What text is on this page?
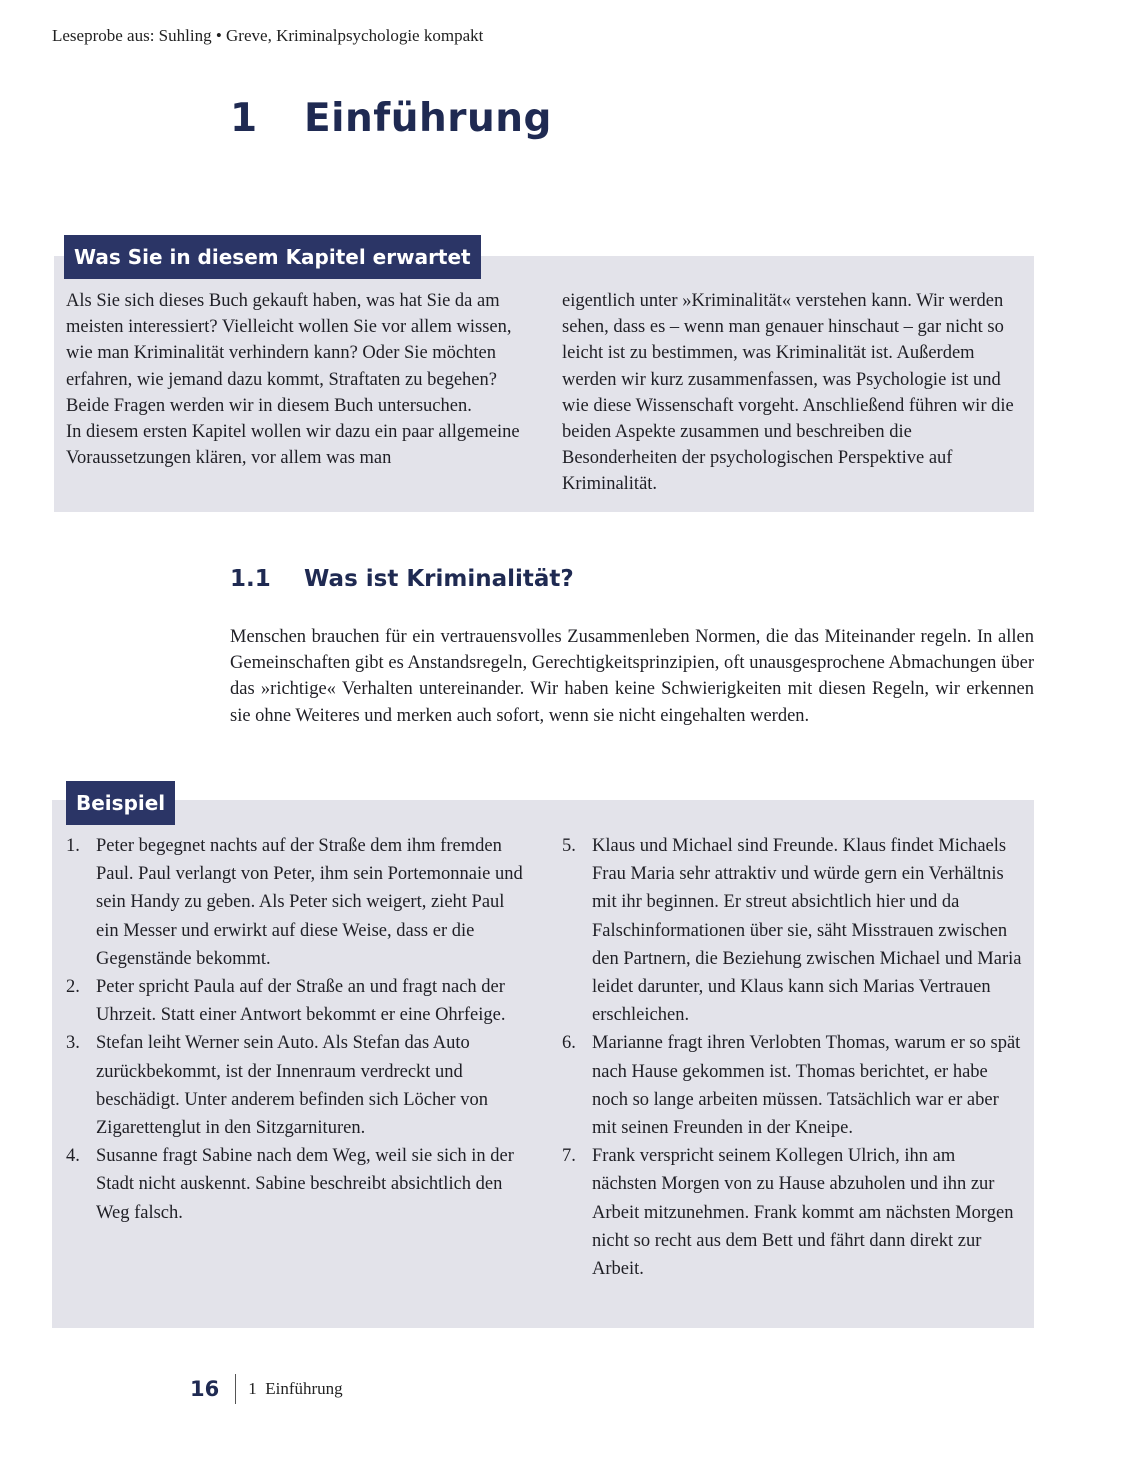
Leseprobe aus: Suhling • Greve, Kriminalpsychologie kompakt
1 Einführung
Was Sie in diesem Kapitel erwartet

Als Sie sich dieses Buch gekauft haben, was hat Sie da am meisten interessiert? Vielleicht wollen Sie vor allem wissen, wie man Kriminalität verhindern kann? Oder Sie möchten erfahren, wie jemand dazu kommt, Straftaten zu begehen? Beide Fragen werden wir in diesem Buch untersuchen.

In diesem ersten Kapitel wollen wir dazu ein paar allgemeine Voraussetzungen klären, vor allem was man

eigentlich unter »Kriminalität« verstehen kann. Wir werden sehen, dass es – wenn man genauer hinschaut – gar nicht so leicht ist zu bestimmen, was Kriminalität ist. Außerdem werden wir kurz zusammenfassen, was Psychologie ist und wie diese Wissenschaft vorgeht. Anschließend führen wir die beiden Aspekte zusammen und beschreiben die Besonderheiten der psychologischen Perspektive auf Kriminalität.

1.1 Was ist Kriminalität?

Menschen brauchen für ein vertrauensvolles Zusammenleben Normen, die das Miteinander regeln. In allen Gemeinschaften gibt es Anstandsregeln, Gerechtigkeitsprinzipien, oft unausgesprochene Abmachungen über das »richtige« Verhalten untereinander. Wir haben keine Schwierigkeiten mit diesen Regeln, wir erkennen sie ohne Weiteres und merken auch sofort, wenn sie nicht eingehalten werden.

Beispiel
1. Peter begegnet nachts auf der Straße dem ihm fremden Paul. Paul verlangt von Peter, ihm sein Portemonnaie und sein Handy zu geben. Als Peter sich weigert, zieht Paul ein Messer und erwirkt auf diese Weise, dass er die Gegenstände bekommt.
2. Peter spricht Paula auf der Straße an und fragt nach der Uhrzeit. Statt einer Antwort bekommt er eine Ohrfeige.
3. Stefan leiht Werner sein Auto. Als Stefan das Auto zurückbekommt, ist der Innenraum verdreckt und beschädigt. Unter anderem befinden sich Löcher von Zigarettenglut in den Sitzgarnituren.
4. Susanne fragt Sabine nach dem Weg, weil sie sich in der Stadt nicht auskennt. Sabine beschreibt absichtlich den Weg falsch.
5. Klaus und Michael sind Freunde. Klaus findet Michaels Frau Maria sehr attraktiv und würde gern ein Verhältnis mit ihr beginnen. Er streut absichtlich hier und da Falschinformationen über sie, säht Misstrauen zwischen den Partnern, die Beziehung zwischen Michael und Maria leidet darunter, und Klaus kann sich Marias Vertrauen erschleichen.
6. Marianne fragt ihren Verlobten Thomas, warum er so spät nach Hause gekommen ist. Thomas berichtet, er habe noch so lange arbeiten müssen. Tatsächlich war er aber mit seinen Freunden in der Kneipe.
7. Frank verspricht seinem Kollegen Ulrich, ihn am nächsten Morgen von zu Hause abzuholen und ihn zur Arbeit mitzunehmen. Frank kommt am nächsten Morgen nicht so recht aus dem Bett und fährt dann direkt zur Arbeit.
16 1  Einführung
